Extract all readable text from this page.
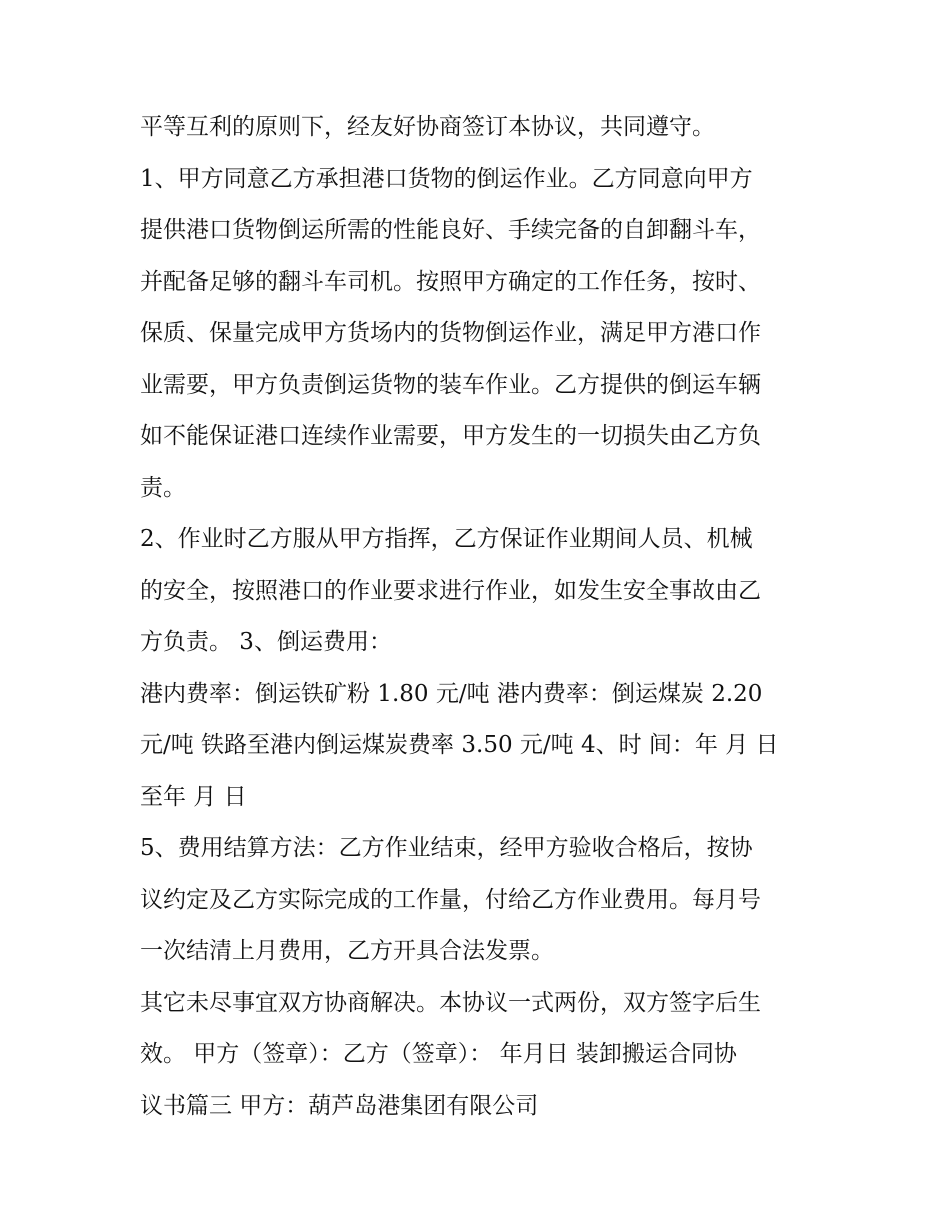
平等互利的原则下，经友好协商签订本协议，共同遵守。
1、甲方同意乙方承担港口货物的倒运作业。乙方同意向甲方
提供港口货物倒运所需的性能良好、手续完备的自卸翻斗车，
并配备足够的翻斗车司机。按照甲方确定的工作任务，按时、
保质、保量完成甲方货场内的货物倒运作业，满足甲方港口作
业需要，甲方负责倒运货物的装车作业。乙方提供的倒运车辆
如不能保证港口连续作业需要，甲方发生的一切损失由乙方负
责。
2、作业时乙方服从甲方指挥，乙方保证作业期间人员、机械
的安全，按照港口的作业要求进行作业，如发生安全事故由乙
方负责。 3、倒运费用：
港内费率：倒运铁矿粉 1.80 元/吨 港内费率：倒运煤炭 2.20
元/吨 铁路至港内倒运煤炭费率 3.50 元/吨 4、时 间：年 月 日
至年 月 日
5、费用结算方法：乙方作业结束，经甲方验收合格后，按协
议约定及乙方实际完成的工作量，付给乙方作业费用。每月号
一次结清上月费用，乙方开具合法发票。
其它未尽事宜双方协商解决。本协议一式两份，双方签字后生
效。 甲方（签章）：乙方（签章）： 年月日 装卸搬运合同协
议书篇三 甲方：葫芦岛港集团有限公司
